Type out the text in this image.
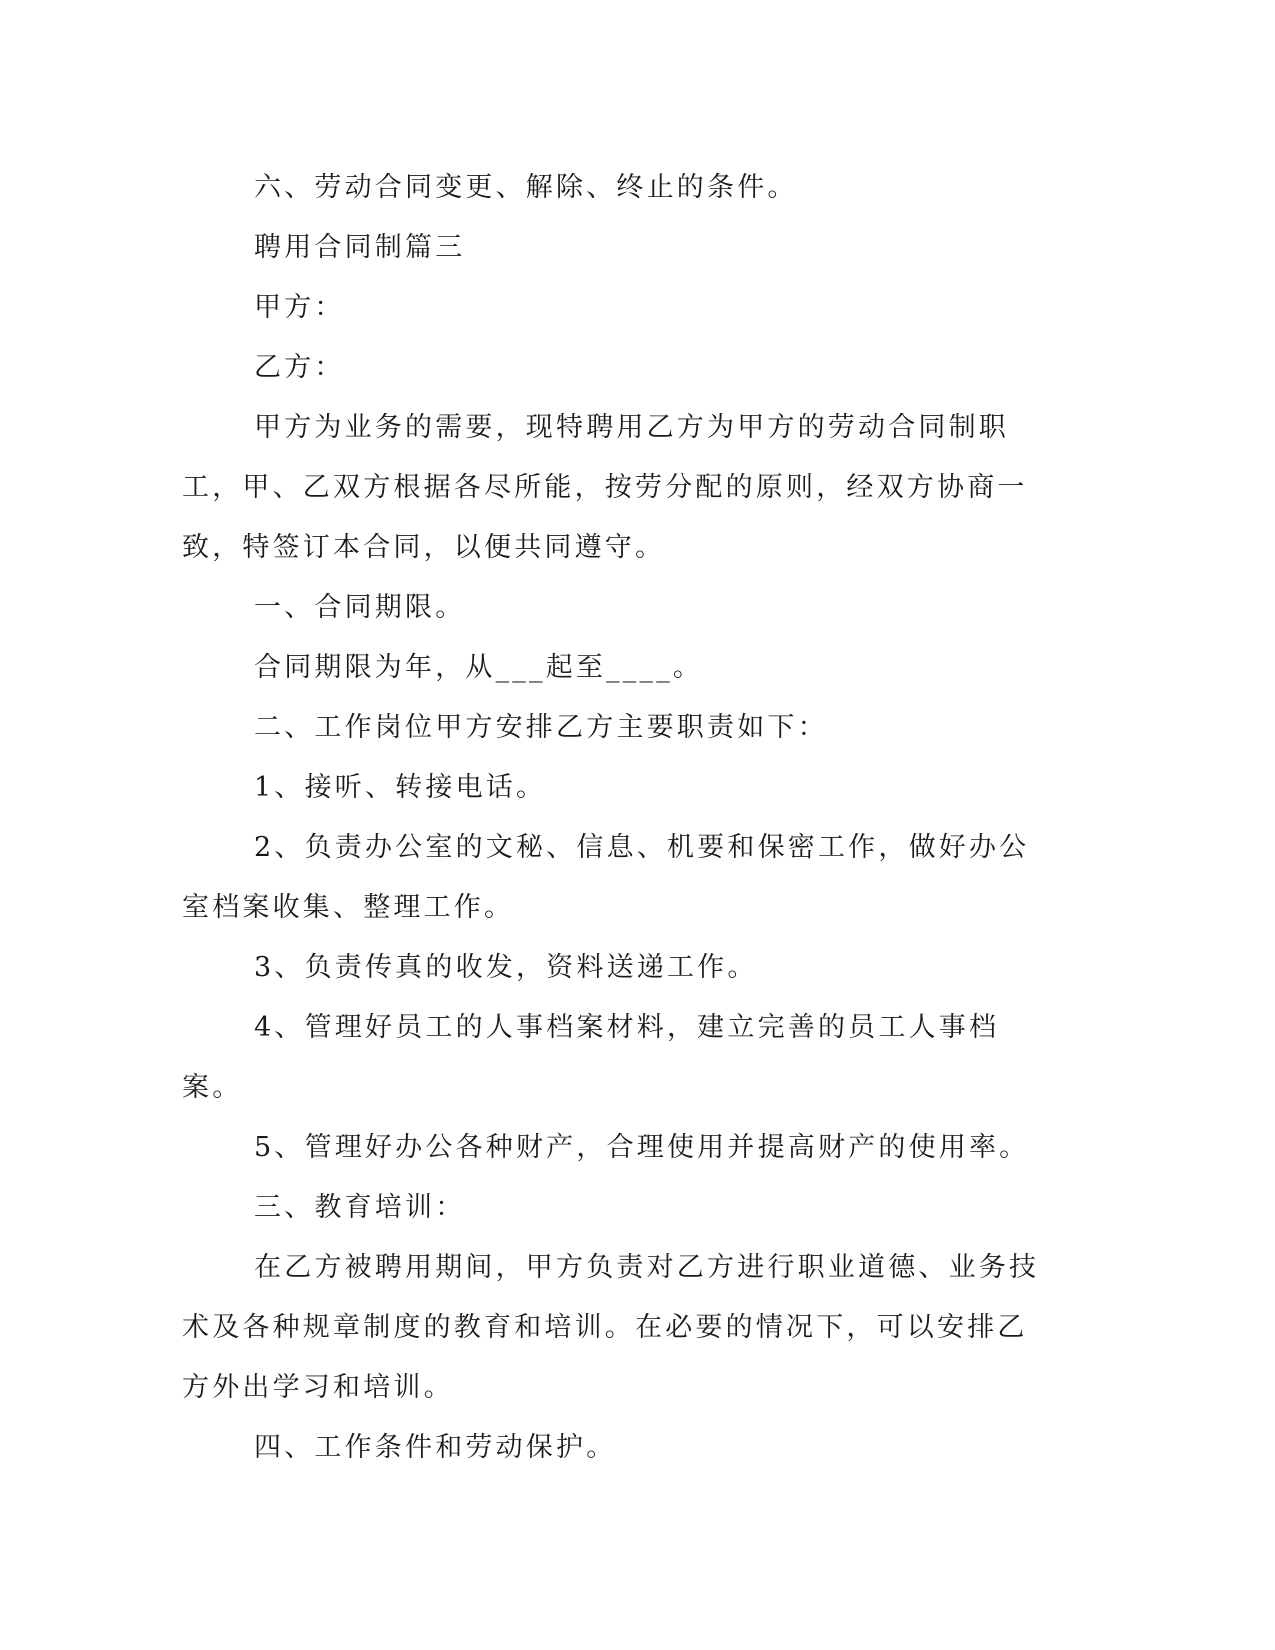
六、劳动合同变更、解除、终止的条件。

聘用合同制篇三

甲方：

乙方：

甲方为业务的需要，现特聘用乙方为甲方的劳动合同制职工，甲、乙双方根据各尽所能，按劳分配的原则，经双方协商一致，特签订本合同，以便共同遵守。

一、合同期限。

合同期限为年，从___起至____。

二、工作岗位甲方安排乙方主要职责如下：

1、接听、转接电话。

2、负责办公室的文秘、信息、机要和保密工作，做好办公室档案收集、整理工作。

3、负责传真的收发，资料送递工作。

4、管理好员工的人事档案材料，建立完善的员工人事档案。

5、管理好办公各种财产，合理使用并提高财产的使用率。

三、教育培训：

在乙方被聘用期间，甲方负责对乙方进行职业道德、业务技术及各种规章制度的教育和培训。在必要的情况下，可以安排乙方外出学习和培训。

四、工作条件和劳动保护。
